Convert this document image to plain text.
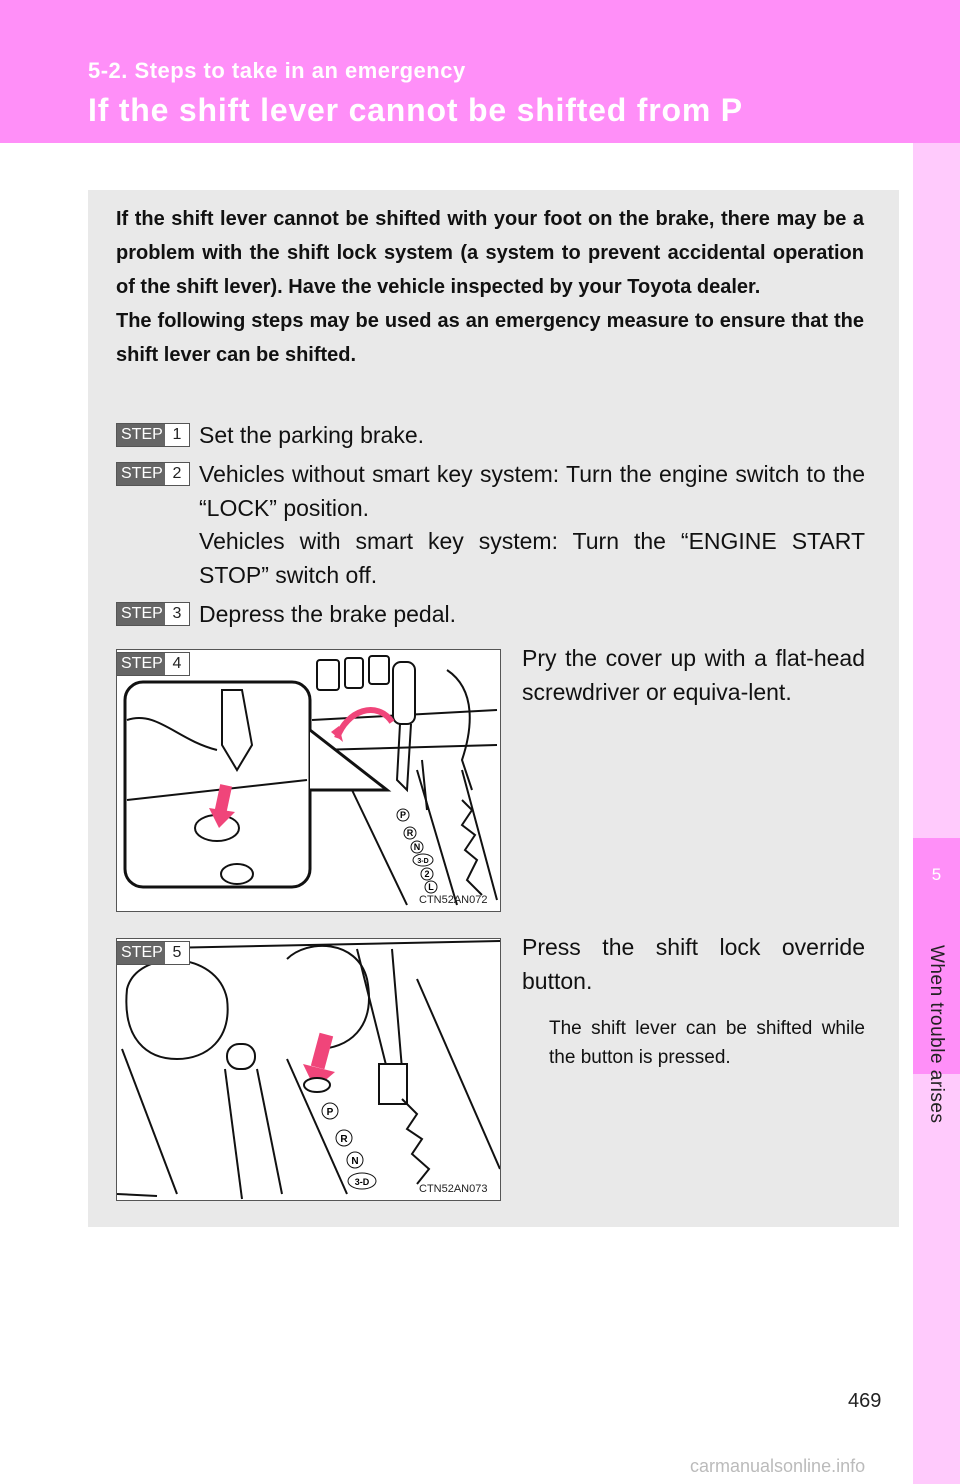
5-2. Steps to take in an emergency
If the shift lever cannot be shifted from P
5
When trouble arises

If the shift lever cannot be shifted with your foot on the brake, there may be a problem with the shift lock system (a system to prevent accidental operation of the shift lever). Have the vehicle inspected by your Toyota dealer.

The following steps may be used as an emergency measure to ensure that the shift lever can be shifted.

STEP 1 Set the parking brake.
STEP 2 Vehicles without smart key system: Turn the engine switch to the “LOCK” position.
Vehicles with smart key system: Turn the “ENGINE START STOP” switch off.
STEP 3 Depress the brake pedal.
P
R
N
3-D
2
L
STEP 4
CTN52AN072
Pry the cover up with a flat-head screwdriver or equiva-lent.
P
R
N
3-D
STEP 5
CTN52AN073
Press the shift lock override button.
The shift lever can be shifted while the button is pressed.
469
carmanualsonline.info
